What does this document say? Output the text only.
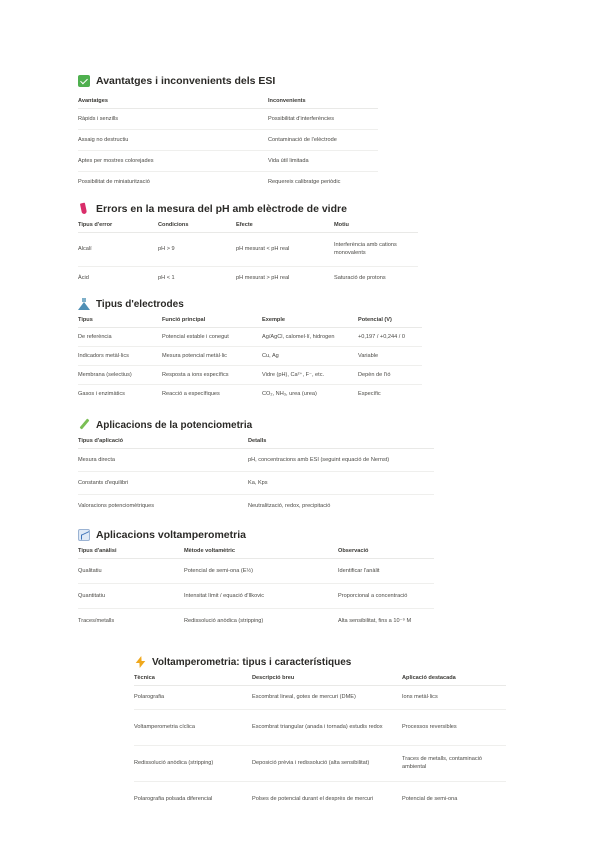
Avantatges i inconvenients dels ESI
Avantatges	Inconvenients
Ràpids i senzills	Possibilitat d'interferències
Assaig no destructiu	Contaminació de l'elèctrode
Aptes per mostres colorejades	Vida útil limitada
Possibilitat de miniaturització	Requereix calibratge periòdic
Errors en la mesura del pH amb elèctrode de vidre
Tipus d'error	Condicions	Efecte	Motiu
Alcalí	pH > 9	pH mesurat < pH real	Interferència amb cations monovalents
Àcid	pH < 1	pH mesurat > pH real	Saturació de protons
Tipus d'electrodes
Tipus	Funció principal	Exemple	Potencial (V)
De referència	Potencial estable i conegut	Ag/AgCl, calomel·lí, hidrogen	+0,197 / +0,244 / 0
Indicadors metàl·lics	Mesura potencial metàl·lic	Cu, Ag	Variable
Membrana (selectius)	Resposta a ions específics	Vidre (pH), Ca²⁺, F⁻, etc.	Depèn de l'ió
Gasos i enzimàtics	Reacció a específiques	CO₂, NH₃, urea (urea)	Específic
Aplicacions de la potenciometria
Tipus d'aplicació	Detalls
Mesura directa	pH, concentracions amb ESI (seguint equació de Nernst)
Constants d'equilibri	Ka, Kps
Valoracions potenciomètriques	Neutralització, redox, precipitació
Aplicacions voltamperometria
Tipus d'anàlisi	Mètode voltamètric	Observació
Qualitatiu	Potencial de semi-ona (E½)	Identificar l'anàlit
Quantitatiu	Intensitat límit / equació d'Ilkovic	Proporcional a concentració
Traces/metalls	Redissolució anòdica (stripping)	Alta sensibilitat, fins a 10⁻⁹ M
Voltamperometria: tipus i característiques
Tècnica	Descripció breu	Aplicació destacada
Polarografia	Escombrat lineal, gotes de mercuri (DME)	Ions metàl·lics
Voltamperometria cíclica	Escombrat triangular (anada i tornada) estudis redox	Processos reversibles
Redissolució anòdica (stripping)	Deposició prèvia i redissolució (alta sensibilitat)	Traces de metalls, contaminació ambiental
Polarografia polsada diferencial	Polses de potencial durant el desprès de mercuri	Potencial de semi-ona
